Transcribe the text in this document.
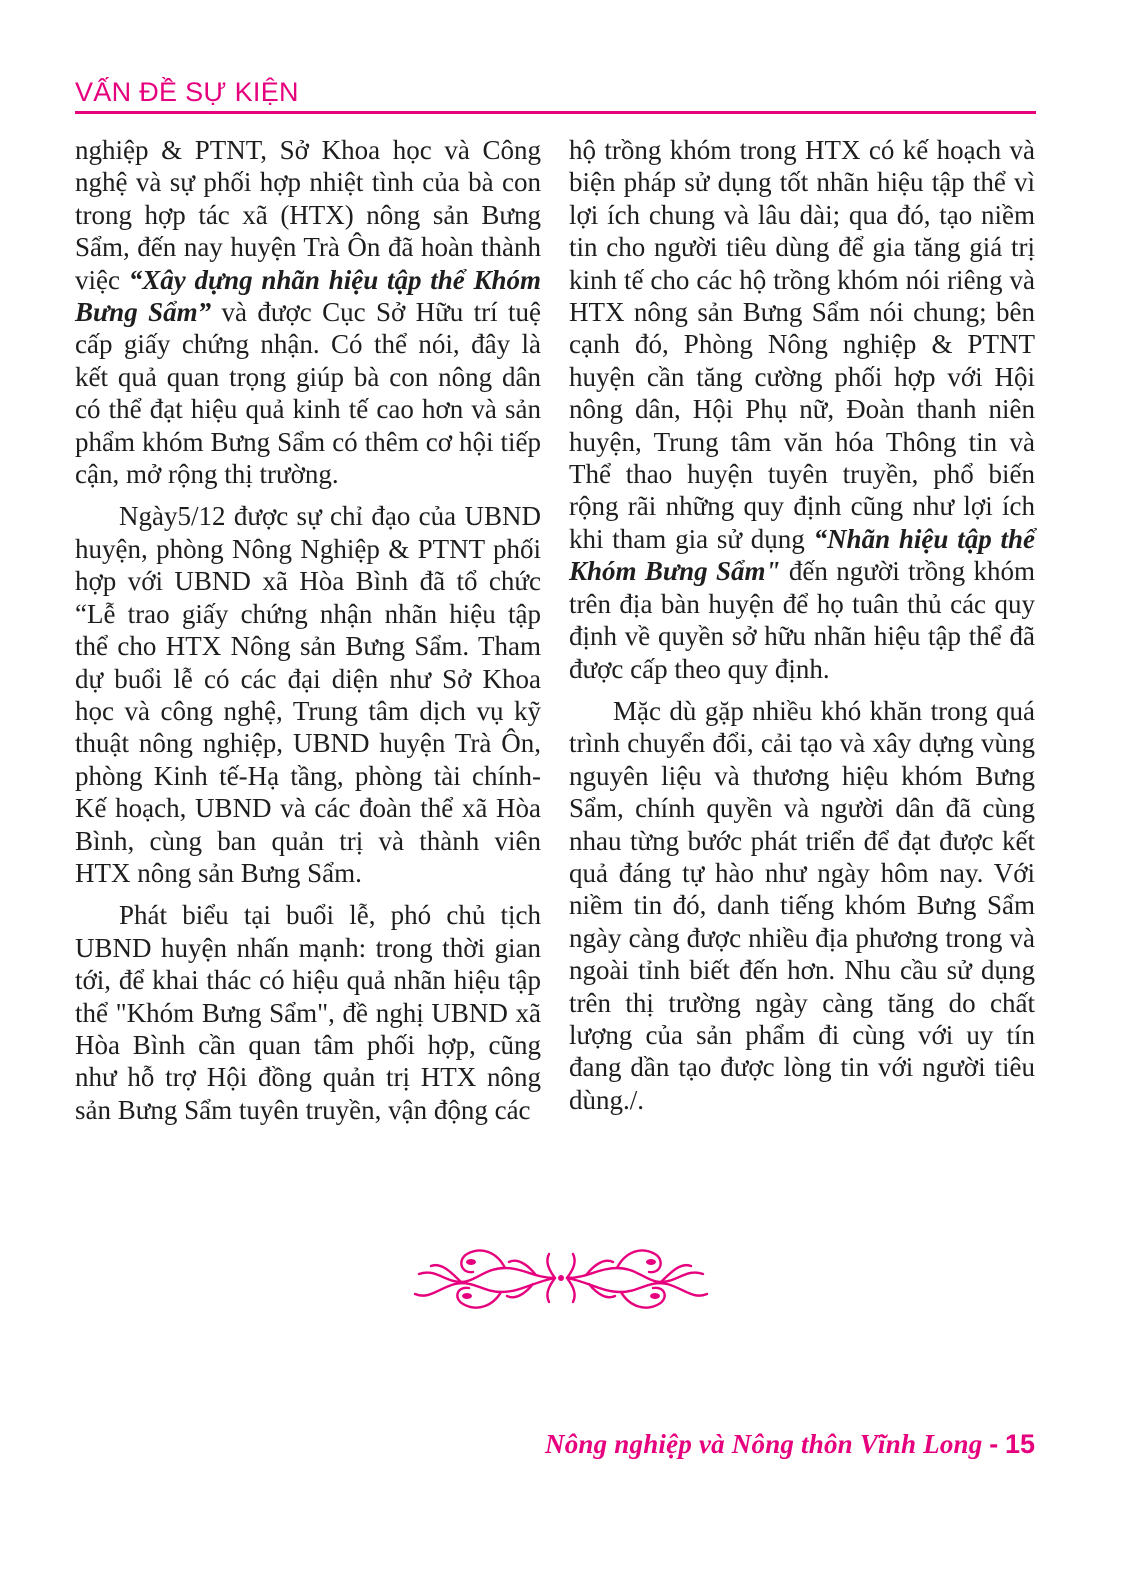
VẤN ĐỀ SỰ KIỆN

nghiệp & PTNT, Sở Khoa học và Công nghệ và sự phối hợp nhiệt tình của bà con trong hợp tác xã (HTX) nông sản Bưng Sẩm, đến nay huyện Trà Ôn đã hoàn thành việc “Xây dựng nhãn hiệu tập thể Khóm Bưng Sẩm” và được Cục Sở Hữu trí tuệ cấp giấy chứng nhận. Có thể nói, đây là kết quả quan trọng giúp bà con nông dân có thể đạt hiệu quả kinh tế cao hơn và sản phẩm khóm Bưng Sẩm có thêm cơ hội tiếp cận, mở rộng thị trường.

Ngày5/12 được sự chỉ đạo của UBND huyện, phòng Nông Nghiệp & PTNT phối hợp với UBND xã Hòa Bình đã tổ chức “Lễ trao giấy chứng nhận nhãn hiệu tập thể cho HTX Nông sản Bưng Sẩm. Tham dự buổi lễ có các đại diện như Sở Khoa học và công nghệ, Trung tâm dịch vụ kỹ thuật nông nghiệp, UBND huyện Trà Ôn, phòng Kinh tế-Hạ tầng, phòng tài chính-Kế hoạch, UBND và các đoàn thể xã Hòa Bình, cùng ban quản trị và thành viên HTX nông sản Bưng Sẩm.

Phát biểu tại buổi lễ, phó chủ tịch UBND huyện nhấn mạnh: trong thời gian tới, để khai thác có hiệu quả nhãn hiệu tập thể "Khóm Bưng Sẩm", đề nghị UBND xã Hòa Bình cần quan tâm phối hợp, cũng như hỗ trợ Hội đồng quản trị HTX nông sản Bưng Sẩm tuyên truyền, vận động các

hộ trồng khóm trong HTX có kế hoạch và biện pháp sử dụng tốt nhãn hiệu tập thể vì lợi ích chung và lâu dài; qua đó, tạo niềm tin cho người tiêu dùng để gia tăng giá trị kinh tế cho các hộ trồng khóm nói riêng và HTX nông sản Bưng Sẩm nói chung; bên cạnh đó, Phòng Nông nghiệp & PTNT huyện cần tăng cường phối hợp với Hội nông dân, Hội Phụ nữ, Đoàn thanh niên huyện, Trung tâm văn hóa Thông tin và Thể thao huyện tuyên truyền, phổ biến rộng rãi những quy định cũng như lợi ích khi tham gia sử dụng “Nhãn hiệu tập thể Khóm Bưng Sẩm" đến người trồng khóm trên địa bàn huyện để họ tuân thủ các quy định về quyền sở hữu nhãn hiệu tập thể đã được cấp theo quy định.

Mặc dù gặp nhiều khó khăn trong quá trình chuyển đổi, cải tạo và xây dựng vùng nguyên liệu và thương hiệu khóm Bưng Sẩm, chính quyền và người dân đã cùng nhau từng bước phát triển để đạt được kết quả đáng tự hào như ngày hôm nay. Với niềm tin đó, danh tiếng khóm Bưng Sẩm ngày càng được nhiều địa phương trong và ngoài tỉnh biết đến hơn. Nhu cầu sử dụng trên thị trường ngày càng tăng do chất lượng của sản phẩm đi cùng với uy tín đang dần tạo được lòng tin với người tiêu dùng./.

Nông nghiệp và Nông thôn Vĩnh Long - 15
